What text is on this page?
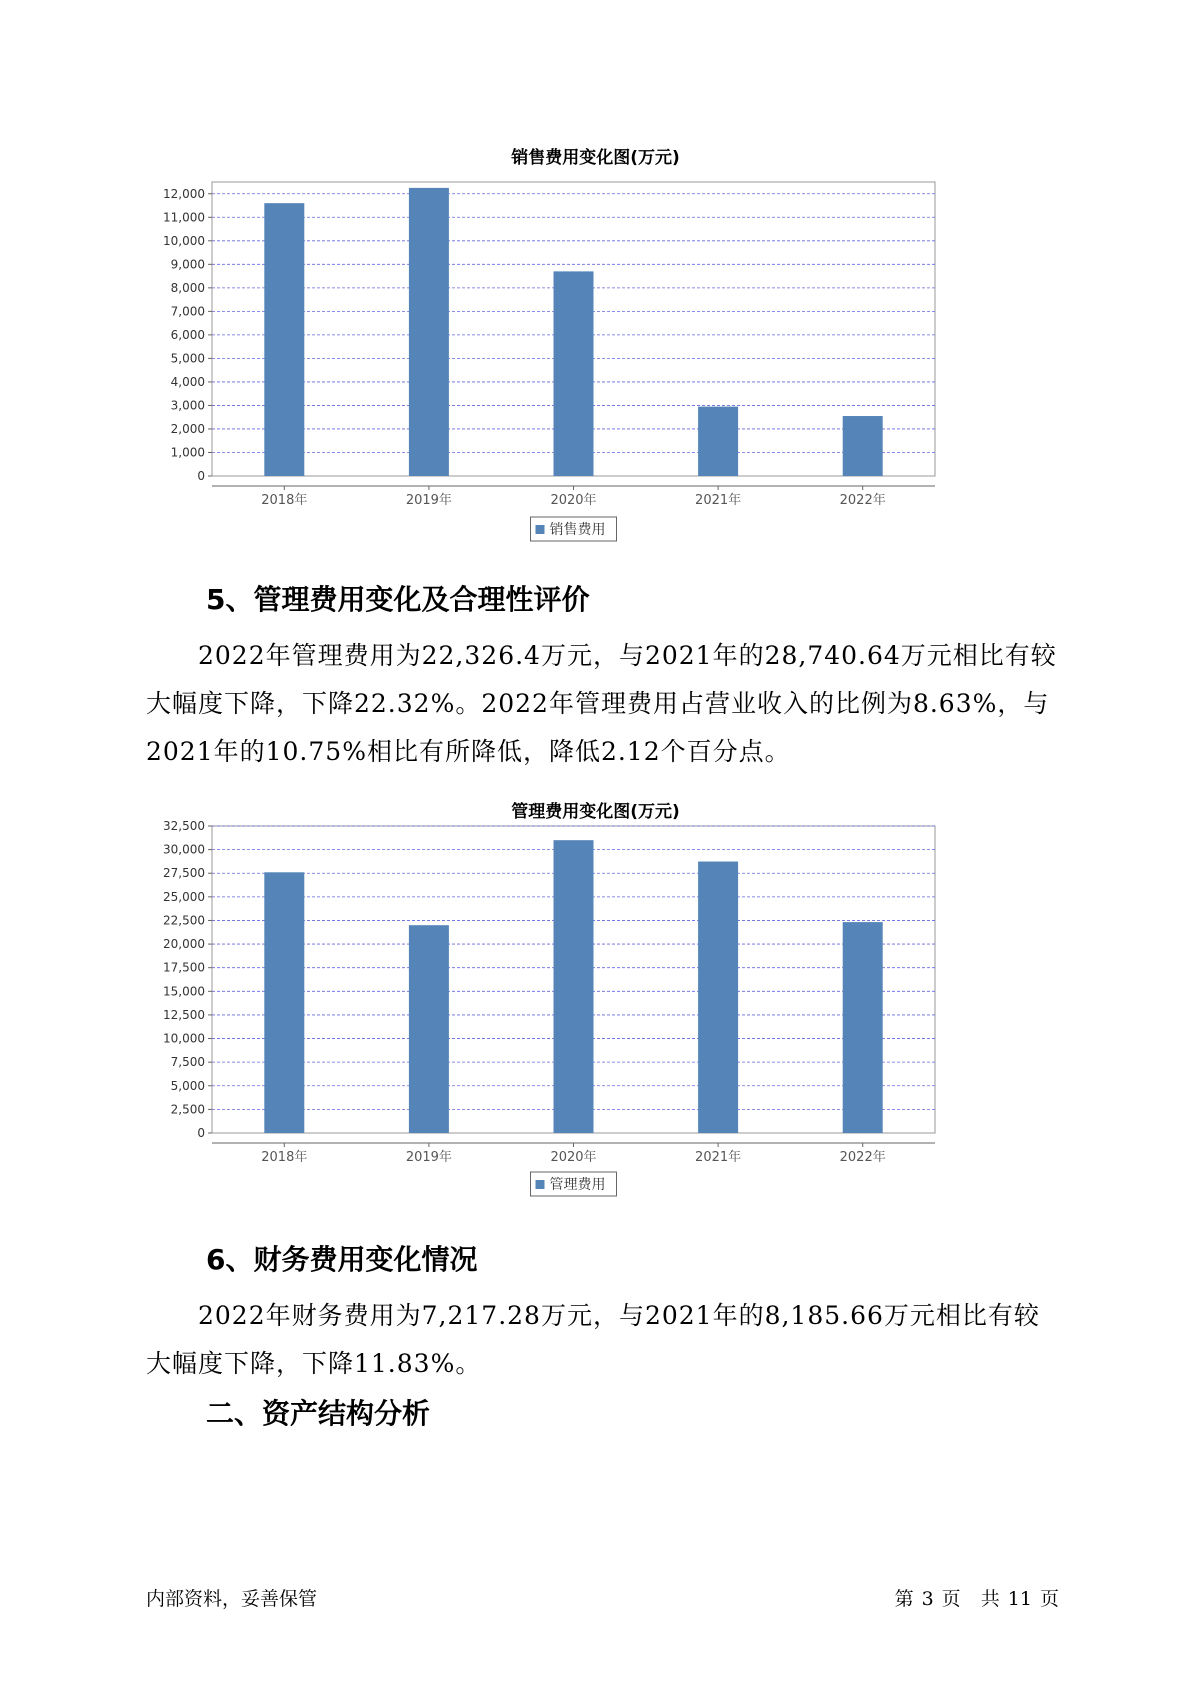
销售费用变化图(万元)
0
1,000
2,000
3,000
4,000
5,000
6,000
7,000
8,000
9,000
10,000
11,000
12,000
2018年	2019年	2020年	2021年	2022年
销售费用
5、管理费用变化及合理性评价

2022年管理费用为22,326.4万元，与2021年的28,740.64万元相比有较大幅度下降，下降22.32%。2022年管理费用占营业收入的比例为8.63%，与2021年的10.75%相比有所降低，降低2.12个百分点。

管理费用变化图(万元)
0
2,500
5,000
7,500
10,000
12,500
15,000
17,500
20,000
22,500
25,000
27,500
30,000
32,500
2018年	2019年	2020年	2021年	2022年
管理费用
6、财务费用变化情况

2022年财务费用为7,217.28万元，与2021年的8,185.66万元相比有较大幅度下降，下降11.83%。

二、资产结构分析
内部资料，妥善保管	第 3 页 共 11 页
